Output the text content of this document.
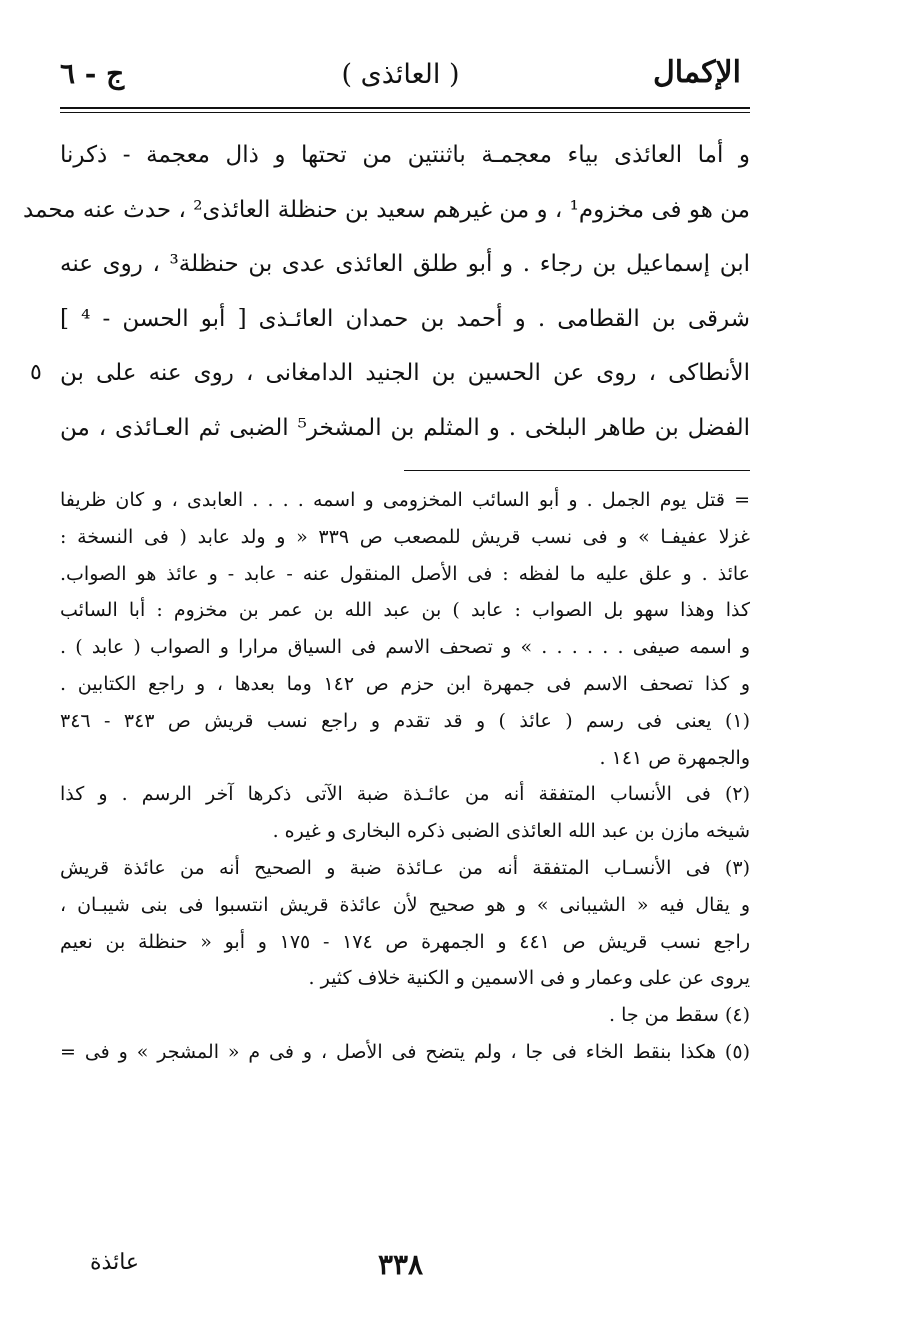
الإكمال
( العائذى )
ج - ٦
و أما العائذى بياء معجمـة باثنتين من تحتها و ذال معجمة - ذكرنا
من هو فى مخزوم¹ ، و من غيرهم سعيد بن حنظلة العائذى² ، حدث عنه محمد
ابن إسماعيل بن رجاء . و أبو طلق العائذى عدى بن حنظلة³ ، روى عنه
شرقى بن القطامى . و أحمد بن حمدان العائـذى [ أبو الحسن - ⁴ ]
الأنطاكى ، روى عن الحسين بن الجنيد الدامغانى ، روى عنه على بن
٥
الفضل بن طاهر البلخى . و المثلم بن المشخر⁵ الضبى ثم العـائذى ، من
= قتل يوم الجمل . و أبو السائب المخزومى و اسمه . . . . العابدى ، و كان ظريفا
غزلا عفيفـا » و فى نسب قريش للمصعب ص ٣٣٩ « و ولد عابد ( فى النسخة :
عائذ . و علق عليه ما لفظه : فى الأصل المنقول عنه - عابد - و عائذ هو الصواب.
كذا وهذا سهو بل الصواب : عابد ) بن عبد الله بن عمر بن مخزوم : أبا السائب
و اسمه صيفى . . . . . . » و تصحف الاسم فى السياق مرارا و الصواب ( عابد ) .
و كذا تصحف الاسم فى جمهرة ابن حزم ص ١٤٢ وما بعدها ، و راجع الكتابين .
(١) يعنى فى رسم ( عائذ ) و قد تقدم و راجع نسب قريش ص ٣٤٣ - ٣٤٦
والجمهرة ص ١٤١ .
(٢) فى الأنساب المتفقة أنه من عائـذة ضبة الآتى ذكرها آخر الرسم . و كذا
شيخه مازن بن عبد الله العائذى الضبى ذكره البخارى و غيره .
(٣) فى الأنسـاب المتفقة أنه من عـائذة ضبة و الصحيح أنه من عائذة قريش
و يقال فيه « الشيبانى » و هو صحيح لأن عائذة قريش انتسبوا فى بنى شيبـان ،
راجع نسب قريش ص ٤٤١ و الجمهرة ص ١٧٤ - ١٧٥ و أبو « حنظلة بن نعيم
يروى عن على وعمار و فى الاسمين و الكنية خلاف كثير .
(٤) سقط من جا .
(٥) هكذا بنقط الخاء فى جا ، ولم يتضح فى الأصل ، و فى م « المشجر » و فى =
٣٣٨
عائذة
